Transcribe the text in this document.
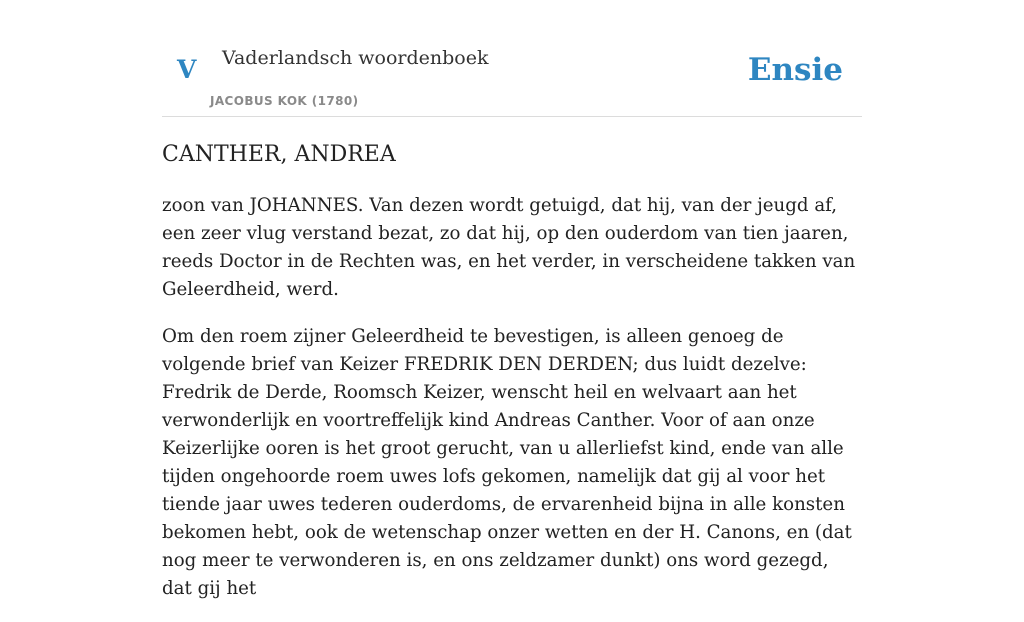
V Vaderlandsch woordenboek
JACOBUS KOK (1780)
Ensie
CANTHER, ANDREA

zoon van JOHANNES. Van dezen wordt getuigd, dat hij, van der jeugd af, een zeer vlug verstand bezat, zo dat hij, op den ouderdom van tien jaaren, reeds Doctor in de Rechten was, en het verder, in verscheidene takken van Geleerdheid, werd.

Om den roem zijner Geleerdheid te bevestigen, is alleen genoeg de volgende brief van Keizer FREDRIK DEN DERDEN; dus luidt dezelve: Fredrik de Derde, Roomsch Keizer, wenscht heil en welvaart aan het verwonderlijk en voortreffelijk kind Andreas Canther. Voor of aan onze Keizerlijke ooren is het groot gerucht, van u allerliefst kind, ende van alle tijden ongehoorde roem uwes lofs gekomen, namelijk dat gij al voor het tiende jaar uwes tederen ouderdoms, de ervarenheid bijna in alle konsten bekomen hebt, ook de wetenschap onzer wetten en der H. Canons, en (dat nog meer te verwonderen is, en ons zeldzamer dunkt) ons word gezegd, dat gij het
